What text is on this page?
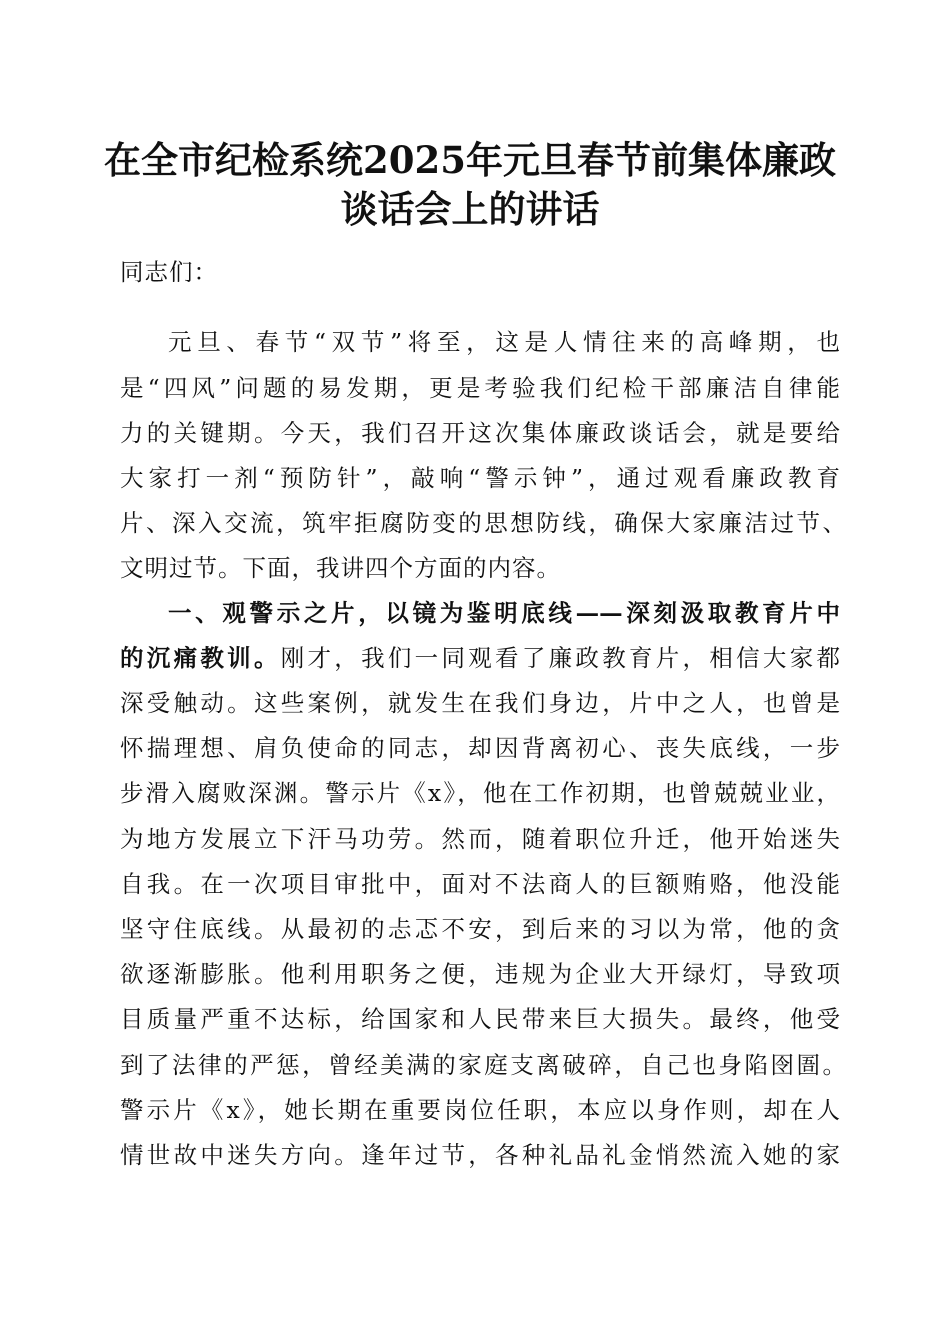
在全市纪检系统2025年元旦春节前集体廉政
谈话会上的讲话
同志们：
元旦、春节“双节”将至，这是人情往来的高峰期，也
是“四风”问题的易发期，更是考验我们纪检干部廉洁自律能
力的关键期。今天，我们召开这次集体廉政谈话会，就是要给
大家打一剂“预防针”，敲响“警示钟”，通过观看廉政教育
片、深入交流，筑牢拒腐防变的思想防线，确保大家廉洁过节、
文明过节。下面，我讲四个方面的内容。
一、观警示之片，以镜为鉴明底线——深刻汲取教育片中
的沉痛教训。刚才，我们一同观看了廉政教育片，相信大家都
深受触动。这些案例，就发生在我们身边，片中之人，也曾是
怀揣理想、肩负使命的同志，却因背离初心、丧失底线，一步
步滑入腐败深渊。警示片《x》，他在工作初期，也曾兢兢业业，
为地方发展立下汗马功劳。然而，随着职位升迁，他开始迷失
自我。在一次项目审批中，面对不法商人的巨额贿赂，他没能
坚守住底线。从最初的忐忑不安，到后来的习以为常，他的贪
欲逐渐膨胀。他利用职务之便，违规为企业大开绿灯，导致项
目质量严重不达标，给国家和人民带来巨大损失。最终，他受
到了法律的严惩，曾经美满的家庭支离破碎，自己也身陷囹圄。
警示片《x》，她长期在重要岗位任职，本应以身作则，却在人
情世故中迷失方向。逢年过节，各种礼品礼金悄然流入她的家
